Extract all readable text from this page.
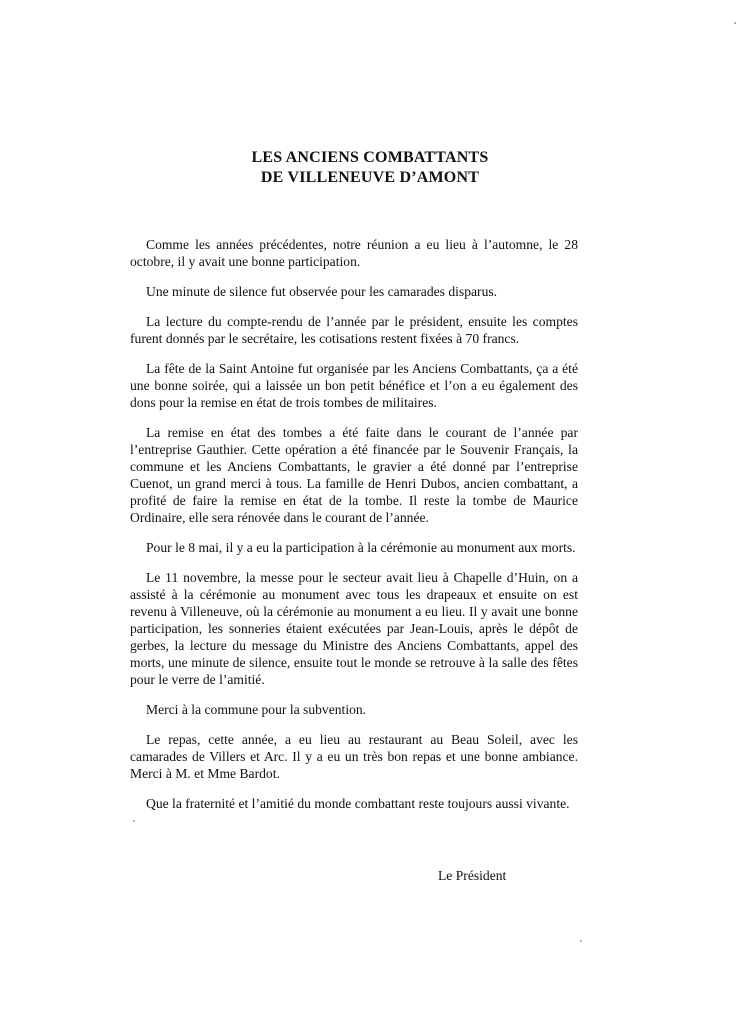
LES ANCIENS COMBATTANTS
DE VILLENEUVE D’AMONT

Comme les années précédentes, notre réunion a eu lieu à l’automne, le 28 octobre, il y avait une bonne participation.

Une minute de silence fut observée pour les camarades disparus.

La lecture du compte-rendu de l’année par le président, ensuite les comptes furent donnés par le secrétaire, les cotisations restent fixées à 70 francs.

La fête de la Saint Antoine fut organisée par les Anciens Combattants, ça a été une bonne soirée, qui a laissée un bon petit bénéfice et l’on a eu également des dons pour la remise en état de trois tombes de militaires.

La remise en état des tombes a été faite dans le courant de l’année par l’entreprise Gauthier. Cette opération a été financée par le Souvenir Français, la commune et les Anciens Combattants, le gravier a été donné par l’entreprise Cuenot, un grand merci à tous. La famille de Henri Dubos, ancien combattant, a profité de faire la remise en état de la tombe. Il reste la tombe de Maurice Ordinaire, elle sera rénovée dans le courant de l’année.

Pour le 8 mai, il y a eu la participation à la cérémonie au monument aux morts.

Le 11 novembre, la messe pour le secteur avait lieu à Chapelle d’Huin, on a assisté à la cérémonie au monument avec tous les drapeaux et ensuite on est revenu à Villeneuve, où la cérémonie au monument a eu lieu. Il y avait une bonne participation, les sonneries étaient exécutées par Jean-Louis, après le dépôt de gerbes, la lecture du message du Ministre des Anciens Combattants, appel des morts, une minute de silence, ensuite tout le monde se retrouve à la salle des fêtes pour le verre de l’amitié.

Merci à la commune pour la subvention.

Le repas, cette année, a eu lieu au restaurant au Beau Soleil, avec les camarades de Villers et Arc. Il y a eu un très bon repas et une bonne ambiance. Merci à M. et Mme Bardot.

Que la fraternité et l’amitié du monde combattant reste toujours aussi vivante.

Le Président
